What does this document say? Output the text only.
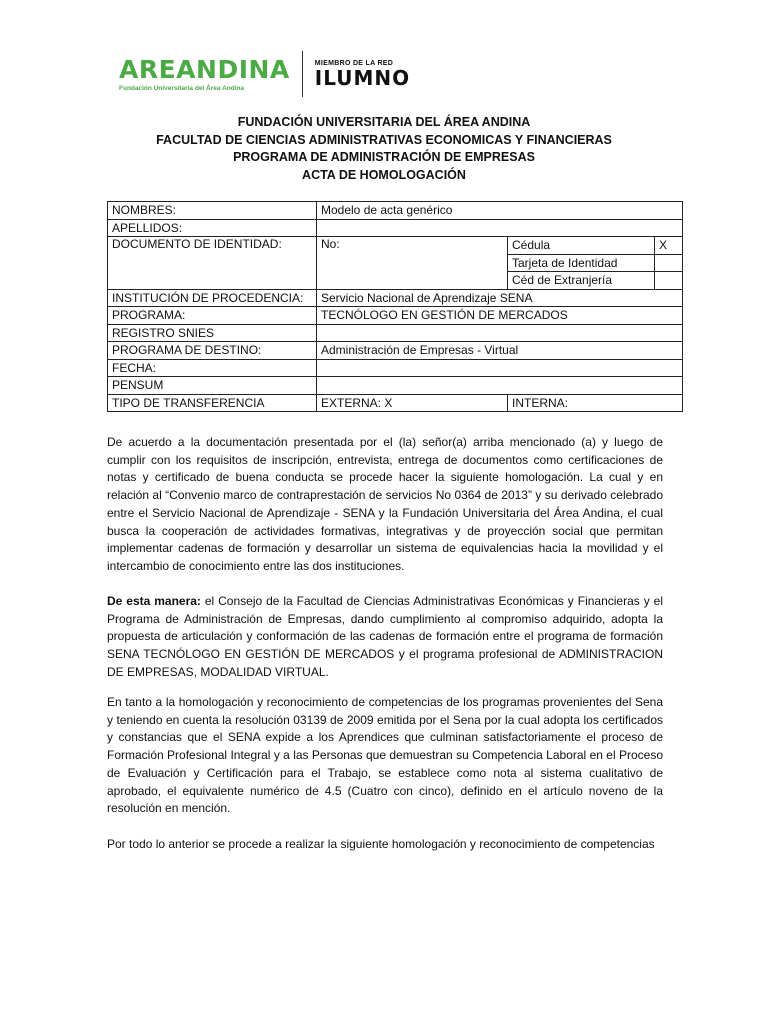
AREANDINA
Fundación Universitaria del Área Andina
MIEMBRO DE LA RED
ILUMNO
FUNDACIÓN UNIVERSITARIA DEL ÁREA ANDINA
FACULTAD DE CIENCIAS ADMINISTRATIVAS ECONOMICAS Y FINANCIERAS
PROGRAMA DE ADMINISTRACIÓN DE EMPRESAS
ACTA DE HOMOLOGACIÓN
NOMBRES:	Modelo de acta genérico		
APELLIDOS:			
DOCUMENTO DE IDENTIDAD:	No:	Cédula	X
		Tarjeta de Identidad	
		Céd de Extranjería	
INSTITUCIÓN DE PROCEDENCIA:	Servicio Nacional de Aprendizaje SENA		
PROGRAMA:	TECNÓLOGO EN GESTIÓN DE MERCADOS		
REGISTRO SNIES			
PROGRAMA DE DESTINO:	Administración de Empresas - Virtual		
FECHA:			
PENSUM			
TIPO DE TRANSFERENCIA	EXTERNA: X	INTERNA:	

De acuerdo a la documentación presentada por el (la) señor(a) arriba mencionado (a) y luego de cumplir con los requisitos de inscripción, entrevista, entrega de documentos como certificaciones de notas y certificado de buena conducta se procede hacer la siguiente homologación. La cual y en relación al “Convenio marco de contraprestación de servicios No 0364 de 2013” y su derivado celebrado entre el Servicio Nacional de Aprendizaje - SENA y la Fundación Universitaria del Área Andina, el cual busca la cooperación de actividades formativas, integrativas y de proyección social que permitan implementar cadenas de formación y desarrollar un sistema de equivalencias hacia la movilidad y el intercambio de conocimiento entre las dos instituciones.

De esta manera: el Consejo de la Facultad de Ciencias Administrativas Económicas y Financieras y el Programa de Administración de Empresas, dando cumplimiento al compromiso adquirido, adopta la propuesta de articulación y conformación de las cadenas de formación entre el programa de formación SENA TECNÓLOGO EN GESTIÓN DE MERCADOS y el programa profesional de ADMINISTRACION DE EMPRESAS, MODALIDAD VIRTUAL.

En tanto a la homologación y reconocimiento de competencias de los programas provenientes del Sena y teniendo en cuenta la resolución 03139 de 2009 emitida por el Sena por la cual adopta los certificados y constancias que el SENA expide a los Aprendices que culminan satisfactoriamente el proceso de Formación Profesional Integral y a las Personas que demuestran su Competencia Laboral en el Proceso de Evaluación y Certificación para el Trabajo, se establece como nota al sistema cualitativo de aprobado, el equivalente numérico de 4.5 (Cuatro con cinco), definido en el artículo noveno de la resolución en mención.

Por todo lo anterior se procede a realizar la siguiente homologación y reconocimiento de competencias
